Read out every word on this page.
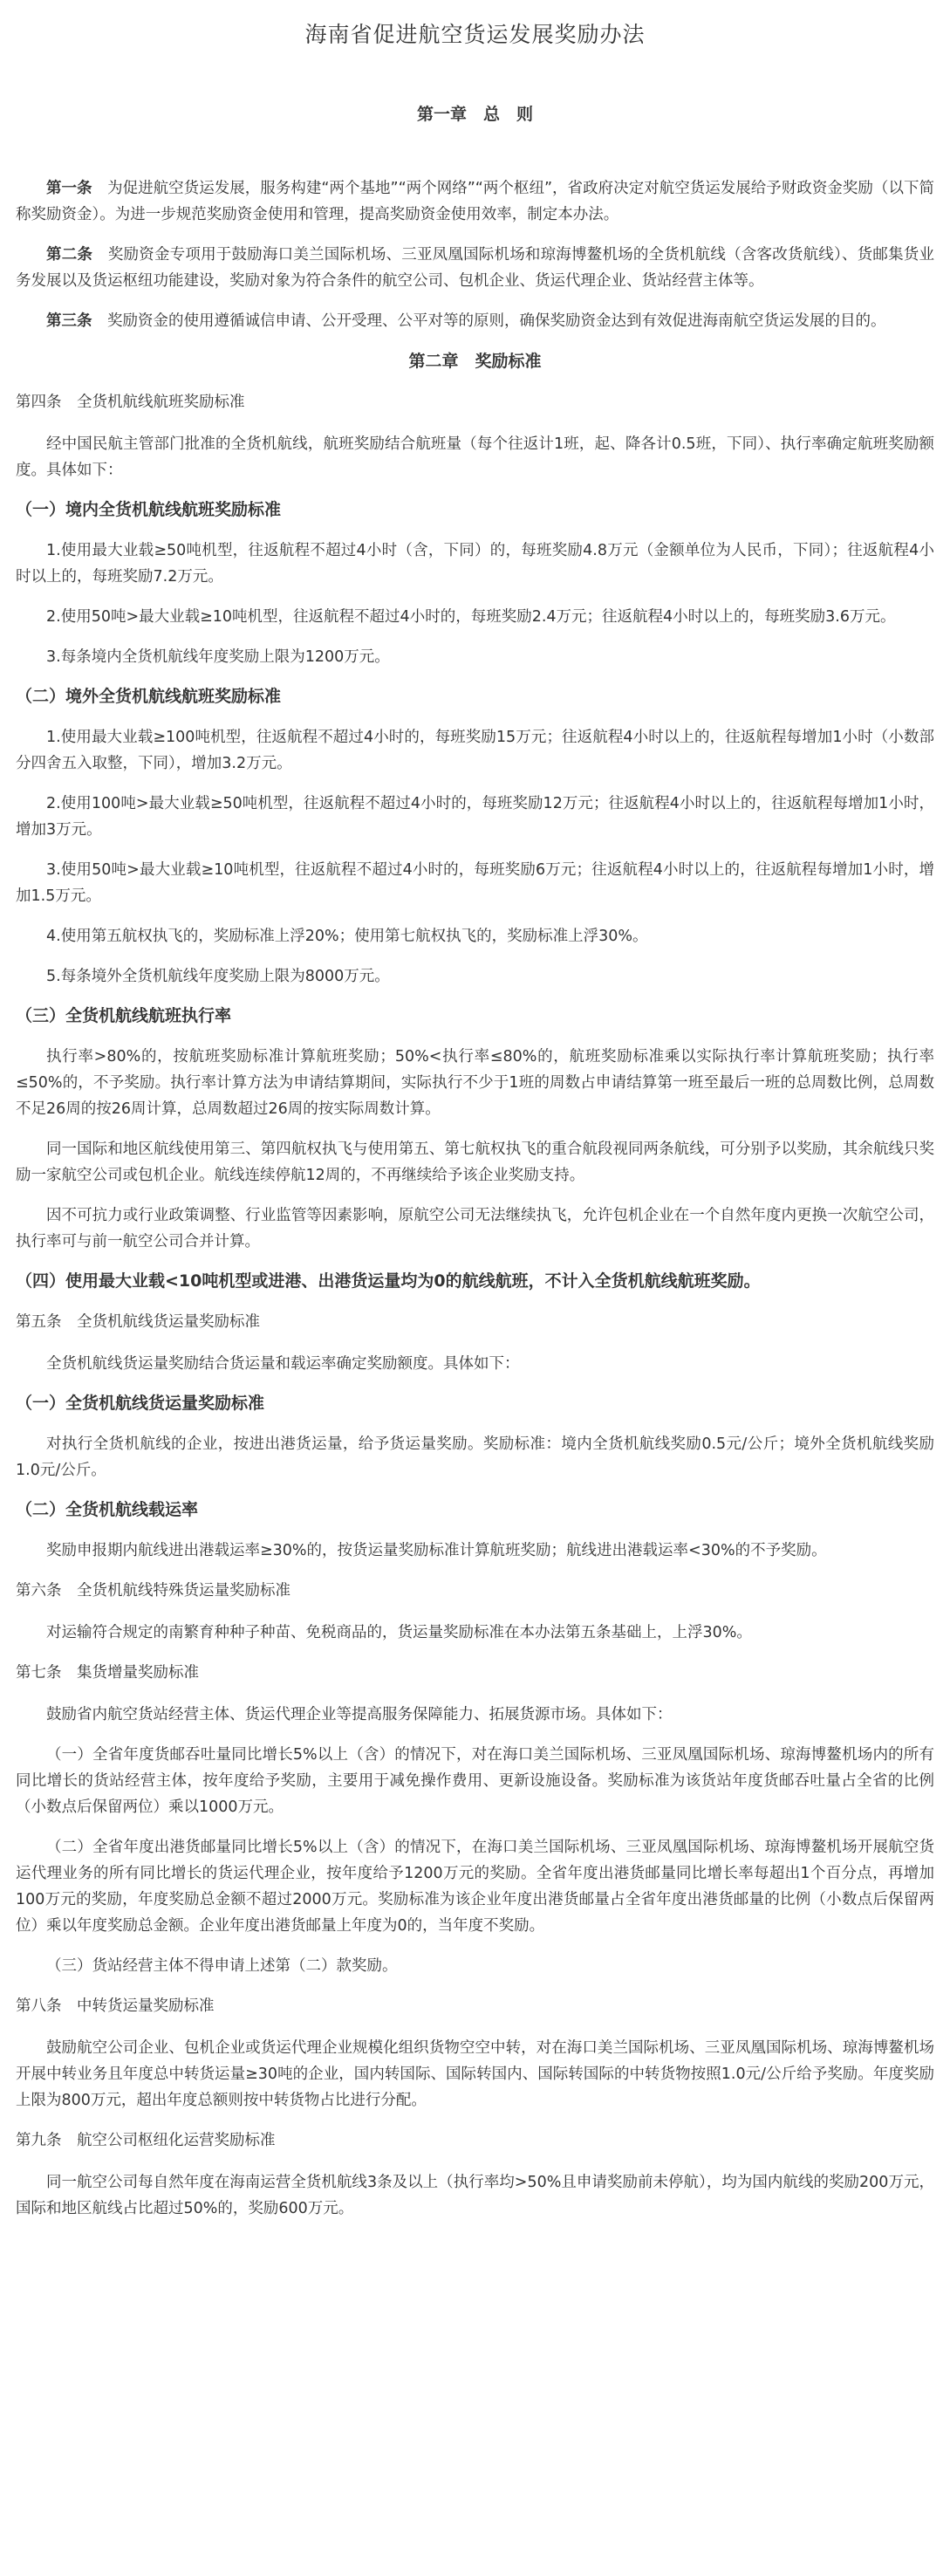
海南省促进航空货运发展奖励办法
第一章　总　则

第一条　为促进航空货运发展，服务构建“两个基地”“两个网络”“两个枢纽”，省政府决定对航空货运发展给予财政资金奖励（以下简称奖励资金）。为进一步规范奖励资金使用和管理，提高奖励资金使用效率，制定本办法。

第二条　奖励资金专项用于鼓励海口美兰国际机场、三亚凤凰国际机场和琼海博鳌机场的全货机航线（含客改货航线）、货邮集货业务发展以及货运枢纽功能建设，奖励对象为符合条件的航空公司、包机企业、货运代理企业、货站经营主体等。

第三条　奖励资金的使用遵循诚信申请、公开受理、公平对等的原则，确保奖励资金达到有效促进海南航空货运发展的目的。

第二章　奖励标准

第四条　全货机航线航班奖励标准

经中国民航主管部门批准的全货机航线，航班奖励结合航班量（每个往返计1班，起、降各计0.5班，下同）、执行率确定航班奖励额度。具体如下：

（一）境内全货机航线航班奖励标准

1.使用最大业载≥50吨机型，往返航程不超过4小时（含，下同）的，每班奖励4.8万元（金额单位为人民币，下同）；往返航程4小时以上的，每班奖励7.2万元。

2.使用50吨>最大业载≥10吨机型，往返航程不超过4小时的，每班奖励2.4万元；往返航程4小时以上的，每班奖励3.6万元。

3.每条境内全货机航线年度奖励上限为1200万元。

（二）境外全货机航线航班奖励标准

1.使用最大业载≥100吨机型，往返航程不超过4小时的，每班奖励15万元；往返航程4小时以上的，往返航程每增加1小时（小数部分四舍五入取整，下同），增加3.2万元。

2.使用100吨>最大业载≥50吨机型，往返航程不超过4小时的，每班奖励12万元；往返航程4小时以上的，往返航程每增加1小时，增加3万元。

3.使用50吨>最大业载≥10吨机型，往返航程不超过4小时的，每班奖励6万元；往返航程4小时以上的，往返航程每增加1小时，增加1.5万元。

4.使用第五航权执飞的，奖励标准上浮20%；使用第七航权执飞的，奖励标准上浮30%。

5.每条境外全货机航线年度奖励上限为8000万元。

（三）全货机航线航班执行率

执行率>80%的，按航班奖励标准计算航班奖励；50%<执行率≤80%的，航班奖励标准乘以实际执行率计算航班奖励；执行率≤50%的，不予奖励。执行率计算方法为申请结算期间，实际执行不少于1班的周数占申请结算第一班至最后一班的总周数比例，总周数不足26周的按26周计算，总周数超过26周的按实际周数计算。

同一国际和地区航线使用第三、第四航权执飞与使用第五、第七航权执飞的重合航段视同两条航线，可分别予以奖励，其余航线只奖励一家航空公司或包机企业。航线连续停航12周的，不再继续给予该企业奖励支持。

因不可抗力或行业政策调整、行业监管等因素影响，原航空公司无法继续执飞，允许包机企业在一个自然年度内更换一次航空公司，执行率可与前一航空公司合并计算。

（四）使用最大业载<10吨机型或进港、出港货运量均为0的航线航班，不计入全货机航线航班奖励。

第五条　全货机航线货运量奖励标准

全货机航线货运量奖励结合货运量和载运率确定奖励额度。具体如下：

（一）全货机航线货运量奖励标准

对执行全货机航线的企业，按进出港货运量，给予货运量奖励。奖励标准：境内全货机航线奖励0.5元/公斤；境外全货机航线奖励1.0元/公斤。

（二）全货机航线载运率

奖励申报期内航线进出港载运率≥30%的，按货运量奖励标准计算航班奖励；航线进出港载运率<30%的不予奖励。

第六条　全货机航线特殊货运量奖励标准

对运输符合规定的南繁育种种子种苗、免税商品的，货运量奖励标准在本办法第五条基础上，上浮30%。

第七条　集货增量奖励标准

鼓励省内航空货站经营主体、货运代理企业等提高服务保障能力、拓展货源市场。具体如下：

（一）全省年度货邮吞吐量同比增长5%以上（含）的情况下，对在海口美兰国际机场、三亚凤凰国际机场、琼海博鳌机场内的所有同比增长的货站经营主体，按年度给予奖励，主要用于减免操作费用、更新设施设备。奖励标准为该货站年度货邮吞吐量占全省的比例（小数点后保留两位）乘以1000万元。

（二）全省年度出港货邮量同比增长5%以上（含）的情况下，在海口美兰国际机场、三亚凤凰国际机场、琼海博鳌机场开展航空货运代理业务的所有同比增长的货运代理企业，按年度给予1200万元的奖励。全省年度出港货邮量同比增长率每超出1个百分点，再增加100万元的奖励，年度奖励总金额不超过2000万元。奖励标准为该企业年度出港货邮量占全省年度出港货邮量的比例（小数点后保留两位）乘以年度奖励总金额。企业年度出港货邮量上年度为0的，当年度不奖励。

（三）货站经营主体不得申请上述第（二）款奖励。

第八条　中转货运量奖励标准

鼓励航空公司企业、包机企业或货运代理企业规模化组织货物空空中转，对在海口美兰国际机场、三亚凤凰国际机场、琼海博鳌机场开展中转业务且年度总中转货运量≥30吨的企业，国内转国际、国际转国内、国际转国际的中转货物按照1.0元/公斤给予奖励。年度奖励上限为800万元，超出年度总额则按中转货物占比进行分配。

第九条　航空公司枢纽化运营奖励标准

同一航空公司每自然年度在海南运营全货机航线3条及以上（执行率均>50%且申请奖励前未停航），均为国内航线的奖励200万元，国际和地区航线占比超过50%的，奖励600万元。
